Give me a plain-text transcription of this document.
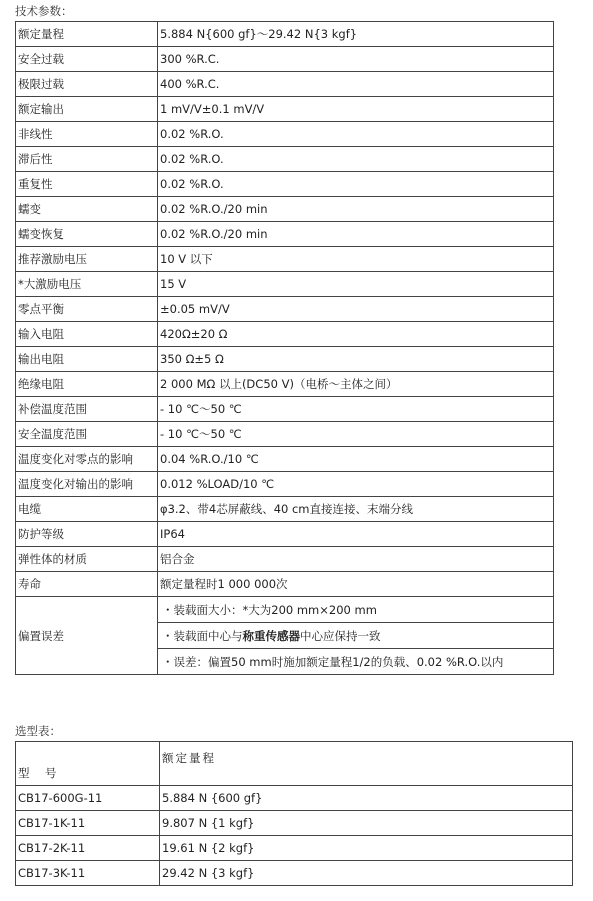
技术参数：
额定量程	5.884 N{600 gf}～29.42 N{3 kgf}
安全过载	300 %R.C.
极限过载	400 %R.C.
额定输出	1 mV/V±0.1 mV/V
非线性	0.02 %R.O.
滞后性	0.02 %R.O.
重复性	0.02 %R.O.
蠕变	0.02 %R.O./20 min
蠕变恢复	0.02 %R.O./20 min
推荐激励电压	10 V 以下
*大激励电压	15 V
零点平衡	±0.05 mV/V
输入电阻	420Ω±20 Ω
输出电阻	350 Ω±5 Ω
绝缘电阻	2 000 MΩ 以上(DC50 V)（电桥～主体之间）
补偿温度范围	- 10 ℃～50 ℃
安全温度范围	- 10 ℃～50 ℃
温度变化对零点的影响	0.04 %R.O./10 ℃
温度变化对输出的影响	0.012 %LOAD/10 ℃
电缆	φ3.2、带4芯屏蔽线、40 cm直接连接、末端分线
防护等级	IP64
弹性体的材质	铝合金
寿命	额定量程时1 000 000次
偏置误差	・装载面大小：*大为200 mm×200 mm
	・装载面中心与称重传感器中心应保持一致
	・误差：偏置50 mm时施加额定量程1/2的负载、0.02 %R.O.以内
选型表：
型　号	额定量程

CB17-600G-11	5.884 N {600 gf}
CB17-1K-11	9.807 N {1 kgf}
CB17-2K-11	19.61 N {2 kgf}
CB17-3K-11	29.42 N {3 kgf}
